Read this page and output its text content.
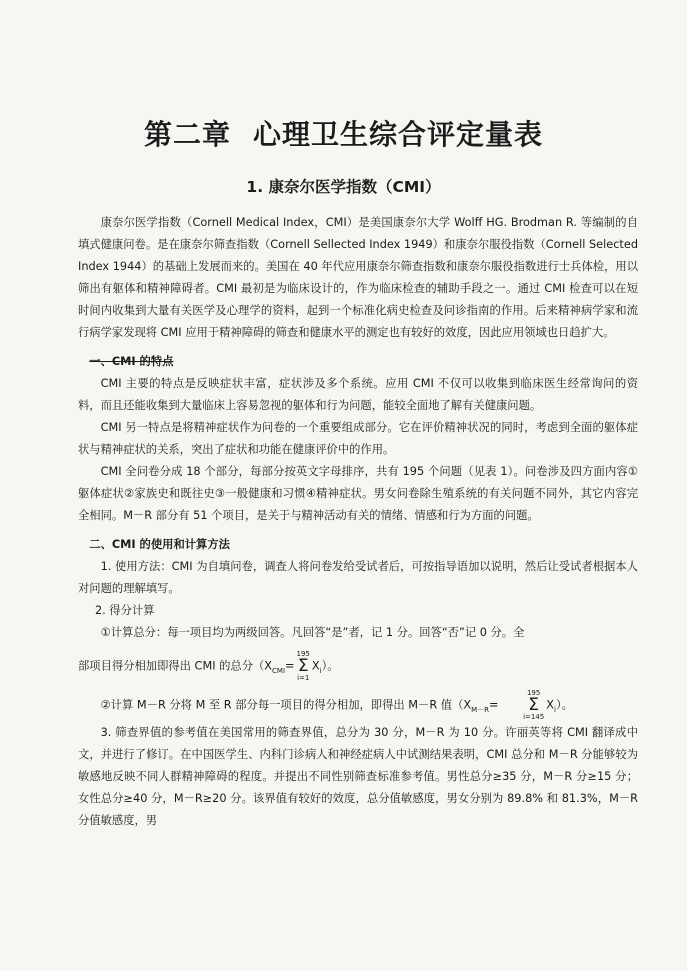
第二章 心理卫生综合评定量表
1. 康奈尔医学指数（CMI）

康奈尔医学指数（Cornell Medical Index，CMI）是美国康奈尔大学 Wolff HG. Brodman R. 等编制的自填式健康问卷。是在康奈尔筛查指数（Cornell Sellected Index 1949）和康奈尔服役指数（Cornell Selected Index 1944）的基础上发展而来的。美国在 40 年代应用康奈尔筛查指数和康奈尔服役指数进行士兵体检，用以筛出有躯体和精神障碍者。CMI 最初是为临床设计的，作为临床检查的辅助手段之一。通过 CMI 检查可以在短时间内收集到大量有关医学及心理学的资料，起到一个标准化病史检查及问诊指南的作用。后来精神病学家和流行病学家发现将 CMI 应用于精神障碍的筛查和健康水平的测定也有较好的效度，因此应用领域也日趋扩大。

一、CMI 的特点

CMI 主要的特点是反映症状丰富，症状涉及多个系统。应用 CMI 不仅可以收集到临床医生经常询问的资料，而且还能收集到大量临床上容易忽视的躯体和行为问题，能较全面地了解有关健康问题。

CMI 另一特点是将精神症状作为问卷的一个重要组成部分。它在评价精神状况的同时，考虑到全面的躯体症状与精神症状的关系，突出了症状和功能在健康评价中的作用。

CMI 全问卷分成 18 个部分，每部分按英文字母排序，共有 195 个问题（见表 1）。问卷涉及四方面内容①躯体症状②家族史和既往史③一般健康和习惯④精神症状。男女问卷除生殖系统的有关问题不同外，其它内容完全相同。M－R 部分有 51 个项目，是关于与精神活动有关的情绪、情感和行为方面的问题。

二、CMI 的使用和计算方法

1. 使用方法：CMI 为自填问卷，调查人将问卷发给受试者后，可按指导语加以说明，然后让受试者根据本人对问题的理解填写。

2. 得分计算

①计算总分：每一项目均为两级回答。凡回答“是”者，记 1 分。回答“否”记 0 分。全

部项目得分相加即得出 CMI 的总分（$X_{CMI}=$
195
Σ
i=1
$X_i$）。

②计算 M－R 分将 M 至 R 部分每一项目的得分相加，即得出 M－R 值（$X_{M-R}=$
195
Σ
i=145
$X_i$）。

3. 筛查界值的参考值在美国常用的筛查界值，总分为 30 分，M－R 为 10 分。许丽英等将 CMI 翻译成中文，并进行了修订。在中国医学生、内科门诊病人和神经症病人中试测结果表明，CMI 总分和 M－R 分能够较为敏感地反映不同人群精神障碍的程度。并提出不同性别筛查标准参考值。男性总分≥35 分，M－R 分≥15 分；女性总分≥40 分，M－R≥20 分。该界值有较好的效度，总分值敏感度，男女分别为 89.8% 和 81.3%，M－R 分值敏感度，男
